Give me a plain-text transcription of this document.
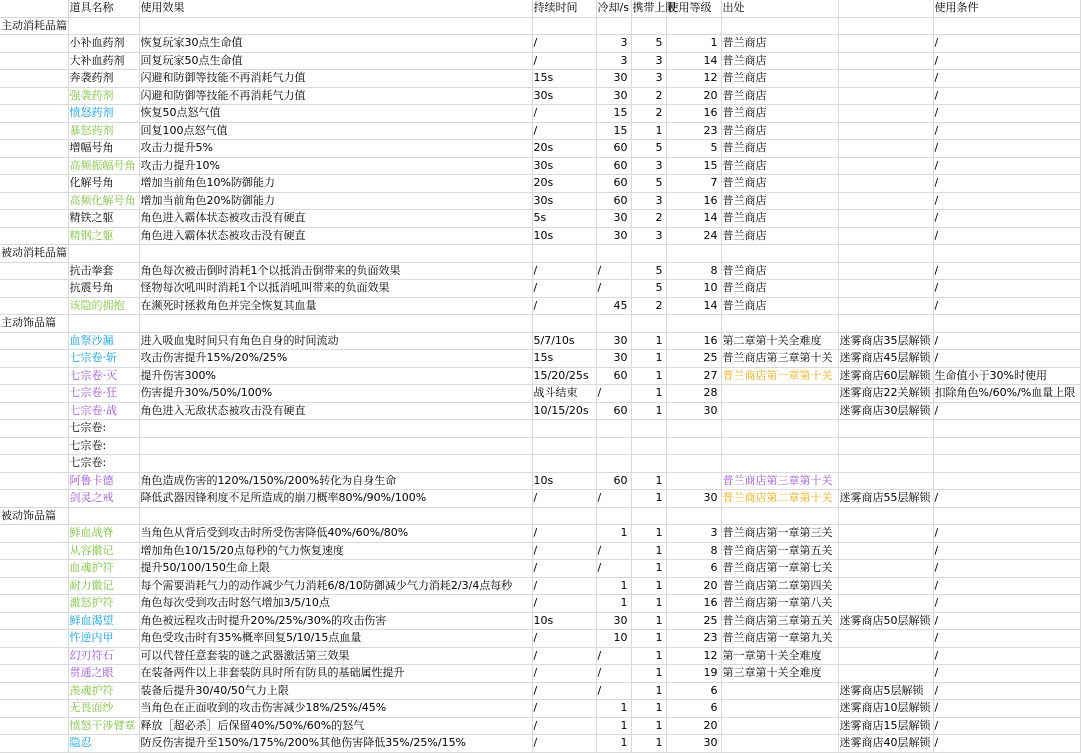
	道具名称	使用效果	持续时间	冷却/s	携带上限	使用等级	出处		使用条件
主动消耗品篇									
	小补血药剂	恢复玩家30点生命值	/	3	5	1	普兰商店		/
	大补血药剂	回复玩家50点生命值	/	3	3	14	普兰商店		/
	奔袭药剂	闪避和防御等技能不再消耗气力值	15s	30	3	12	普兰商店		/
	强袭药剂	闪避和防御等技能不再消耗气力值	30s	30	2	20	普兰商店		/
	愤怒药剂	恢复50点怒气值	/	15	2	16	普兰商店		/
	暴怒药剂	回复100点怒气值	/	15	1	23	普兰商店		/
	增幅号角	攻击力提升5%	20s	60	5	5	普兰商店		/
	高频振幅号角	攻击力提升10%	30s	60	3	15	普兰商店		/
	化解号角	增加当前角色10%防御能力	20s	60	5	7	普兰商店		/
	高频化解号角	增加当前角色20%防御能力	30s	60	3	16	普兰商店		/
	精铁之躯	角色进入霸体状态被攻击没有硬直	5s	30	2	14	普兰商店		/
	精钢之躯	角色进入霸体状态被攻击没有硬直	10s	30	3	24	普兰商店		/
被动消耗品篇									
	抗击拳套	角色每次被击倒时消耗1个以抵消击倒带来的负面效果	/	/	5	8	普兰商店		/
	抗震号角	怪物每次吼叫时消耗1个以抵消吼叫带来的负面效果	/	/	5	10	普兰商店		/
	该隐的拥抱	在濒死时拯救角色并完全恢复其血量	/	45	2	14	普兰商店		/
主动饰品篇									
	血祭沙漏	进入吸血鬼时间只有角色自身的时间流动	5/7/10s	30	1	16	第二章第十关全难度	迷雾商店35层解锁	/
	七宗卷·斩	攻击伤害提升15%/20%/25%	15s	30	1	25	普兰商店第三章第十关	迷雾商店45层解锁	/
	七宗卷·灭	提升伤害300%	15/20/25s	60	1	27	普兰商店第一章第十关	迷雾商店60层解锁	生命值小于30%时使用
	七宗卷·狂	伤害提升30%/50%/100%	战斗结束	/	1	28		迷雾商店22关解锁	扣除角色%/60%/%血量上限
	七宗卷·战	角色进入无敌状态被攻击没有硬直	10/15/20s	60	1	30		迷雾商店30层解锁	/
	七宗卷:								
	七宗卷:								
	七宗卷:								
	阿鲁卡德	角色造成伤害的120%/150%/200%转化为自身生命	10s	60	1		普兰商店第三章第十关		
	剑灵之戒	降低武器因锋利度不足所造成的崩刀概率80%/90%/100%	/	/	1	30	普兰商店第二章第十关	迷雾商店55层解锁	/
被动饰品篇									
	鲜血战脊	当角色从背后受到攻击时所受伤害降低40%/60%/80%	/	1	1	3	普兰商店第一章第三关		/
	从容徽记	增加角色10/15/20点每秒的气力恢复速度	/	/	1	8	普兰商店第一章第五关		/
	血魂护符	提升50/100/150生命上限	/	/	1	6	普兰商店第一章第七关		/
	耐力徽记	每个需要消耗气力的动作减少气力消耗6/8/10防御减少气力消耗2/3/4点每秒	/	1	1	20	普兰商店第二章第四关		/
	激怒护符	角色每次受到攻击时怒气增加3/5/10点	/	1	1	16	普兰商店第一章第八关		/
	鲜血渴望	角色被远程攻击时提升20%/25%/30%的攻击伤害	10s	30	1	25	普兰商店第三章第五关	迷雾商店50层解锁	/
	忤逆内甲	角色受攻击时有35%概率回复5/10/15点血量	/	10	1	23	普兰商店第一章第九关		/
	幻刃符石	可以代替任意套装的谜之武器激活第三效果	/	/	1	12	第一章第十关全难度		/
	贯通之眼	在装备两件以上非套装防具时所有防具的基础属性提升	/	/	1	19	第三章第十关全难度		/
	羡魂护符	装备后提升30/40/50气力上限	/	/	1	6		迷雾商店5层解锁	/
	无畏面纱	当角色在正面收到的攻击伤害减少18%/25%/45%	/	1	1	6		迷雾商店10层解锁	/
	愤怒干涉臂章	释放［超必杀］后保留40%/50%/60%的怒气	/	1	1	20		迷雾商店15层解锁	/
	隐忍	防反伤害提升至150%/175%/200%其他伤害降低35%/25%/15%	/	1	1	30		迷雾商店40层解锁	/
